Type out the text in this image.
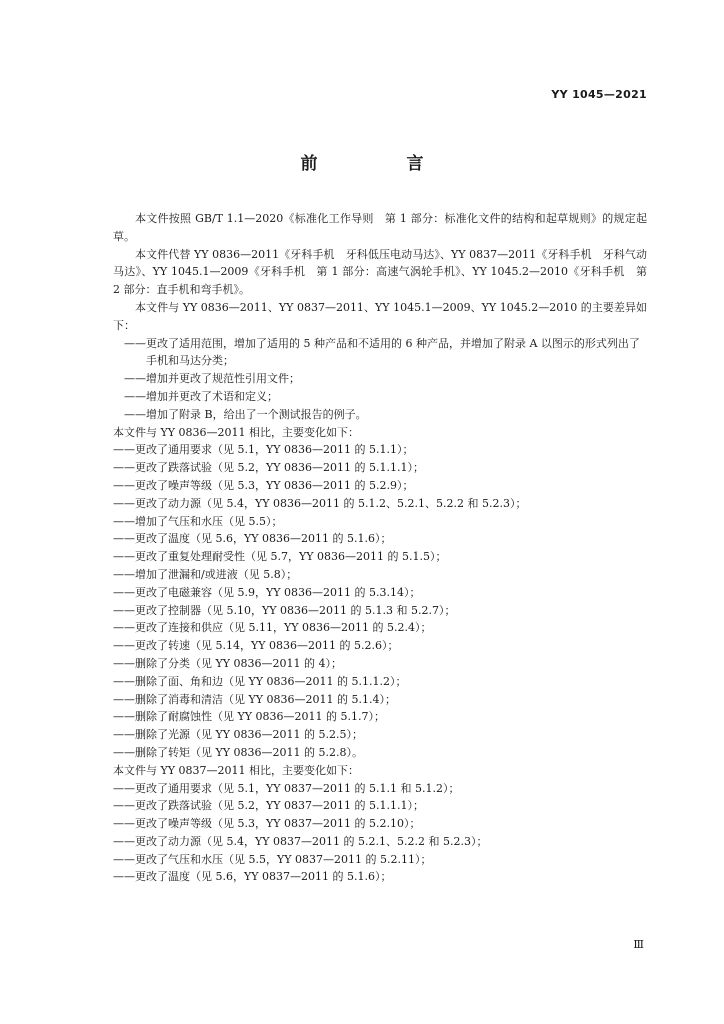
YY 1045—2021
前　言

本文件按照 GB/T 1.1—2020《标准化工作导则　第 1 部分：标准化文件的结构和起草规则》的规定起草。

本文件代替 YY 0836—2011《牙科手机　牙科低压电动马达》、YY 0837—2011《牙科手机　牙科气动马达》、YY 1045.1—2009《牙科手机　第 1 部分：高速气涡轮手机》、YY 1045.2—2010《牙科手机　第 2 部分：直手机和弯手机》。

本文件与 YY 0836—2011、YY 0837—2011、YY 1045.1—2009、YY 1045.2—2010 的主要差异如下：

——更改了适用范围，增加了适用的 5 种产品和不适用的 6 种产品，并增加了附录 A 以图示的形式列出了手机和马达分类；

——增加并更改了规范性引用文件；

——增加并更改了术语和定义；

——增加了附录 B，给出了一个测试报告的例子。

本文件与 YY 0836—2011 相比，主要变化如下：

——更改了通用要求（见 5.1，YY 0836—2011 的 5.1.1）；

——更改了跌落试验（见 5.2，YY 0836—2011 的 5.1.1.1）；

——更改了噪声等级（见 5.3，YY 0836—2011 的 5.2.9）；

——更改了动力源（见 5.4，YY 0836—2011 的 5.1.2、5.2.1、5.2.2 和 5.2.3）；

——增加了气压和水压（见 5.5）；

——更改了温度（见 5.6，YY 0836—2011 的 5.1.6）；

——更改了重复处理耐受性（见 5.7，YY 0836—2011 的 5.1.5）；

——增加了泄漏和/或进液（见 5.8）；

——更改了电磁兼容（见 5.9，YY 0836—2011 的 5.3.14）；

——更改了控制器（见 5.10，YY 0836—2011 的 5.1.3 和 5.2.7）；

——更改了连接和供应（见 5.11，YY 0836—2011 的 5.2.4）；

——更改了转速（见 5.14，YY 0836—2011 的 5.2.6）；

——删除了分类（见 YY 0836—2011 的 4）；

——删除了面、角和边（见 YY 0836—2011 的 5.1.1.2）；

——删除了消毒和清洁（见 YY 0836—2011 的 5.1.4）；

——删除了耐腐蚀性（见 YY 0836—2011 的 5.1.7）；

——删除了光源（见 YY 0836—2011 的 5.2.5）；

——删除了转矩（见 YY 0836—2011 的 5.2.8）。

本文件与 YY 0837—2011 相比，主要变化如下：

——更改了通用要求（见 5.1，YY 0837—2011 的 5.1.1 和 5.1.2）；

——更改了跌落试验（见 5.2，YY 0837—2011 的 5.1.1.1）；

——更改了噪声等级（见 5.3，YY 0837—2011 的 5.2.10）；

——更改了动力源（见 5.4，YY 0837—2011 的 5.2.1、5.2.2 和 5.2.3）；

——更改了气压和水压（见 5.5，YY 0837—2011 的 5.2.11）；

——更改了温度（见 5.6，YY 0837—2011 的 5.1.6）；

Ⅲ
